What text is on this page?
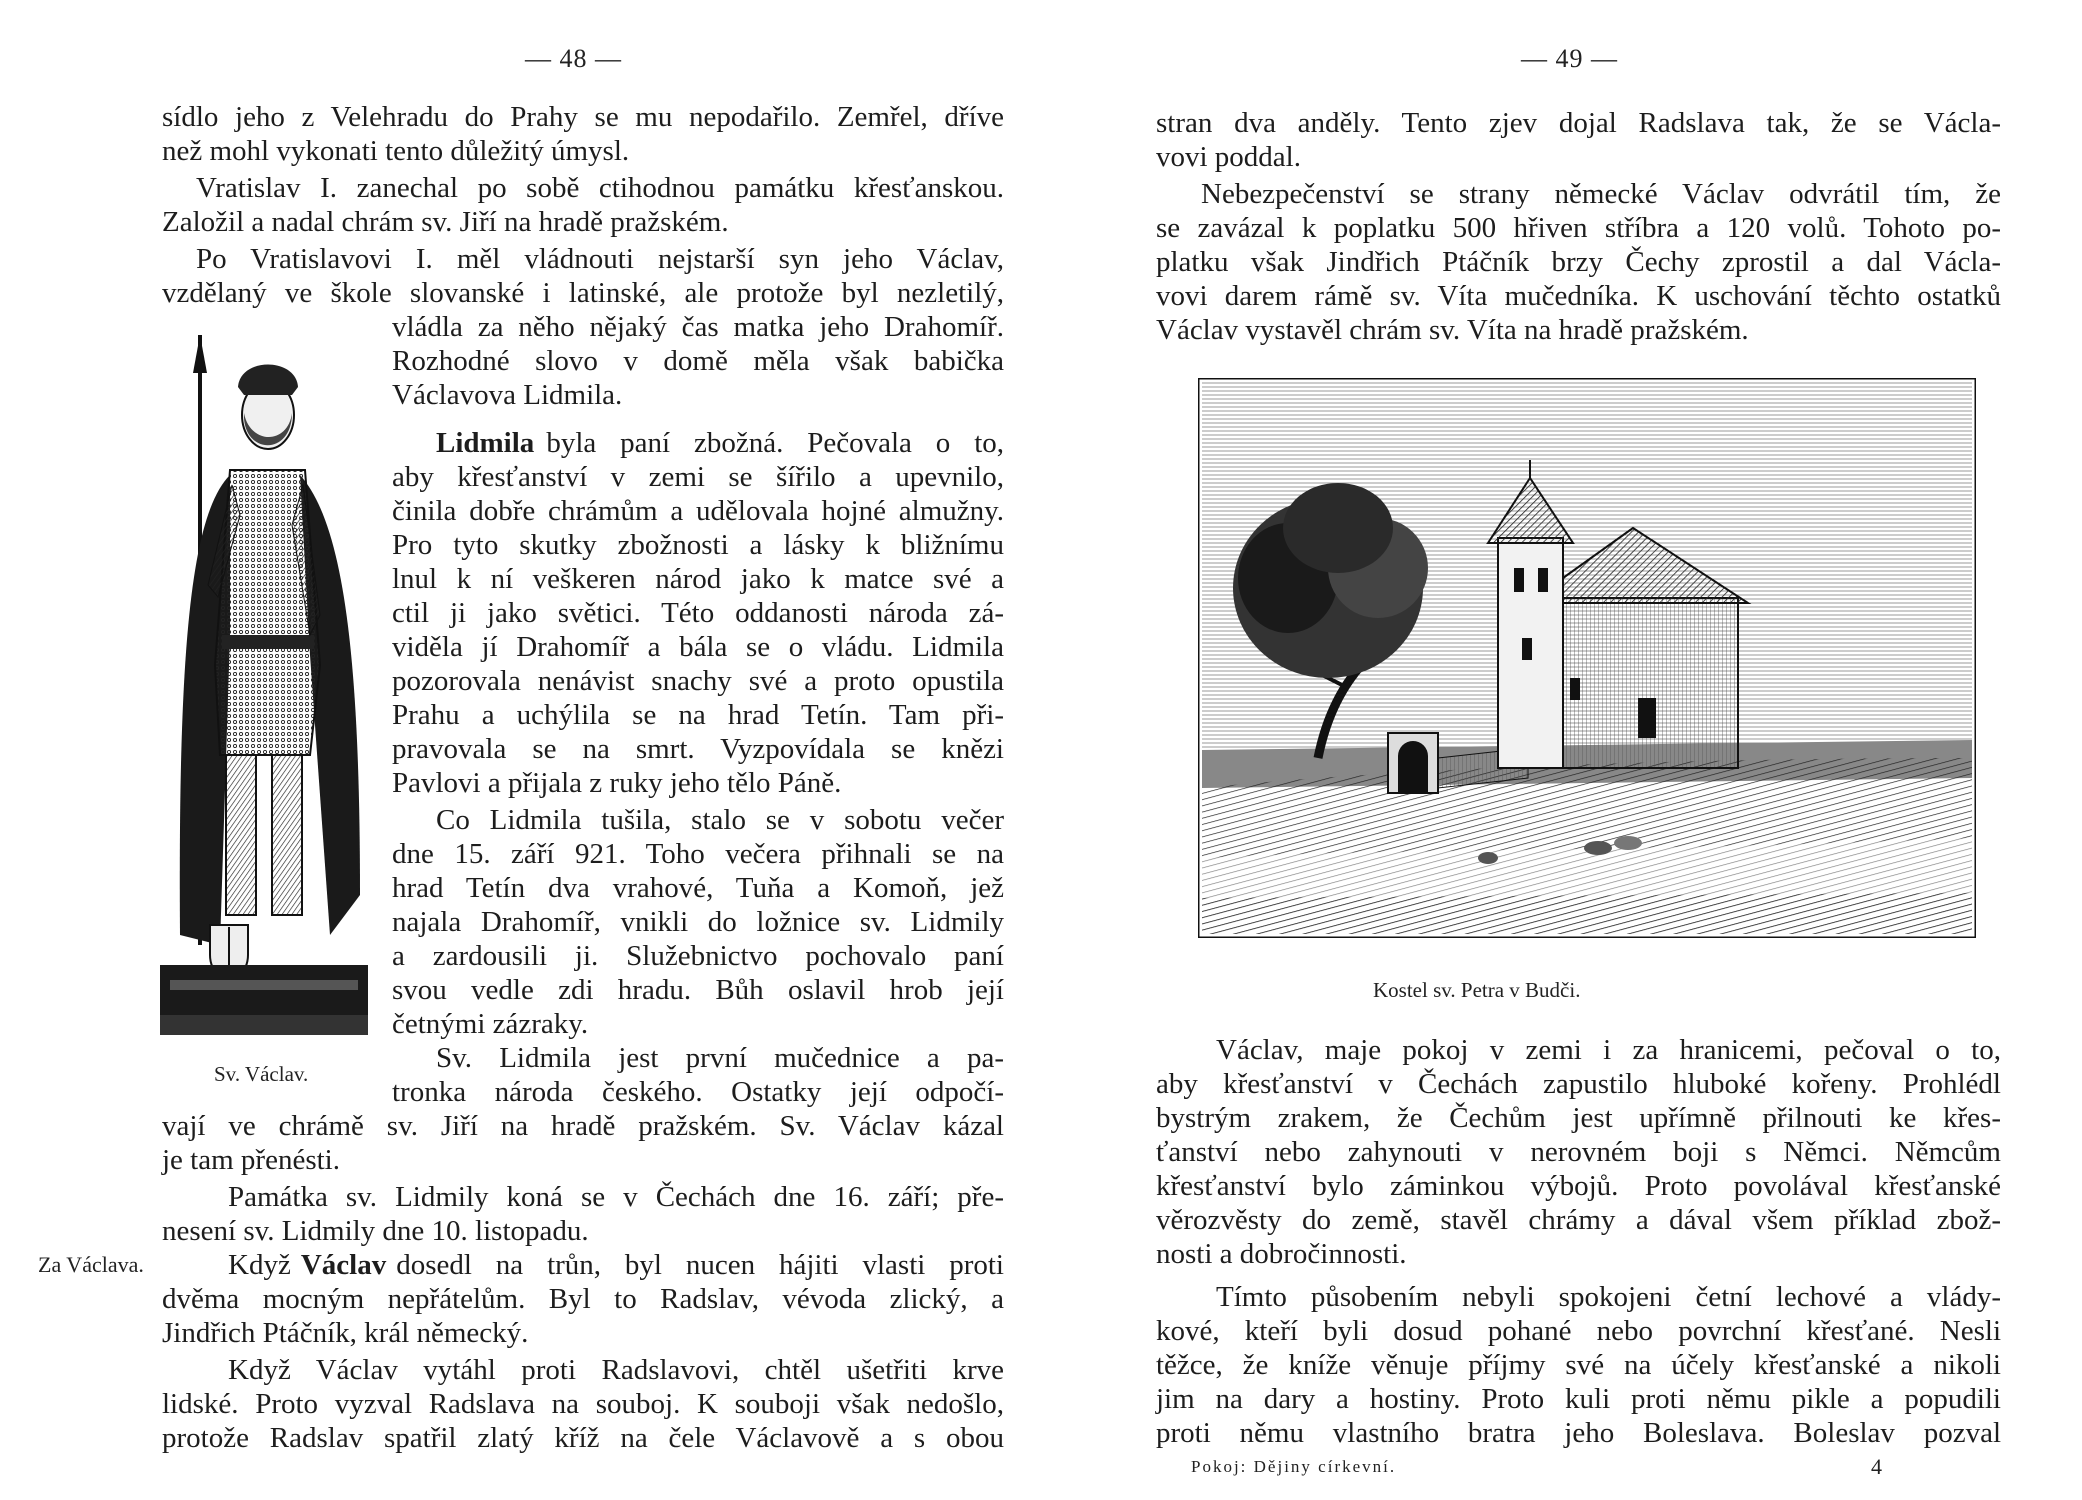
— 48 —
sídlo jeho z Velehradu do Prahy se mu nepodařilo. Zemřel, dříve
než mohl vykonati tento důležitý úmysl.
Vratislav I. zanechal po sobě ctihodnou památku křesťanskou.
Založil a nadal chrám sv. Jiří na hradě pražském.
Po Vratislavovi I. měl vládnouti nejstarší syn jeho Václav,
vzdělaný ve škole slovanské i latinské, ale protože byl nezletilý,
vládla za něho nějaký čas matka jeho Drahomíř.
Rozhodné slovo v domě měla však babička
Václavova Lidmila.
Lidmila byla paní zbožná. Pečovala o to,
aby křesťanství v zemi se šířilo a upevnilo,
činila dobře chrámům a udělovala hojné almužny.
Pro tyto skutky zbožnosti a lásky k bližnímu
lnul k ní veškeren národ jako k matce své a
ctil ji jako světici. Této oddanosti národa zá-
viděla jí Drahomíř a bála se o vládu. Lidmila
pozorovala nenávist snachy své a proto opustila
Prahu a uchýlila se na hrad Tetín. Tam při-
pravovala se na smrt. Vyzpovídala se knězi
Pavlovi a přijala z ruky jeho tělo Páně.
Co Lidmila tušila, stalo se v sobotu večer
dne 15. září 921. Toho večera přihnali se na
hrad Tetín dva vrahové, Tuňa a Komoň, jež
najala Drahomíř, vnikli do ložnice sv. Lidmily
a zardousili ji. Služebnictvo pochovalo paní
svou vedle zdi hradu. Bůh oslavil hrob její
četnými zázraky.
Sv. Lidmila jest první mučednice a pa-
tronka národa českého. Ostatky její odpočí-
vají ve chrámě sv. Jiří na hradě pražském. Sv. Václav kázal
je tam přenésti.
Památka sv. Lidmily koná se v Čechách dne 16. září; pře-
nesení sv. Lidmily dne 10. listopadu.
Za Václava.	Když Václav dosedl na trůn, byl nucen hájiti vlasti proti
dvěma mocným nepřátelům. Byl to Radslav, vévoda zlický, a
Jindřich Ptáčník, král německý.
Když Václav vytáhl proti Radslavovi, chtěl ušetřiti krve
lidské. Proto vyzval Radslava na souboj. K souboji však nedošlo,
protože Radslav spatřil zlatý kříž na čele Václavově a s obou
Sv. Václav.
— 49 —
stran dva anděly. Tento zjev dojal Radslava tak, že se Václa-
vovi poddal.
Nebezpečenství se strany německé Václav odvrátil tím, že
se zavázal k poplatku 500 hřiven stříbra a 120 volů. Tohoto po-
platku však Jindřich Ptáčník brzy Čechy zprostil a dal Václa-
vovi darem rámě sv. Víta mučedníka. K uschování těchto ostatků
Václav vystavěl chrám sv. Víta na hradě pražském.
Kostel sv. Petra v Budči.
Václav, maje pokoj v zemi i za hranicemi, pečoval o to,
aby křesťanství v Čechách zapustilo hluboké kořeny. Prohlédl
bystrým zrakem, že Čechům jest upřímně přilnouti ke křes-
ťanství nebo zahynouti v nerovném boji s Němci. Němcům
křesťanství bylo záminkou výbojů. Proto povolával křesťanské
věrozvěsty do země, stavěl chrámy a dával všem příklad zbož-
nosti a dobročinnosti.
Tímto působením nebyli spokojeni četní lechové a vlády-
kové, kteří byli dosud pohané nebo povrchní křesťané. Nesli
těžce, že kníže věnuje příjmy své na účely křesťanské a nikoli
jim na dary a hostiny. Proto kuli proti němu pikle a popudili
proti němu vlastního bratra jeho Boleslava. Boleslav pozval
Pokoj: Dějiny církevní.	4
